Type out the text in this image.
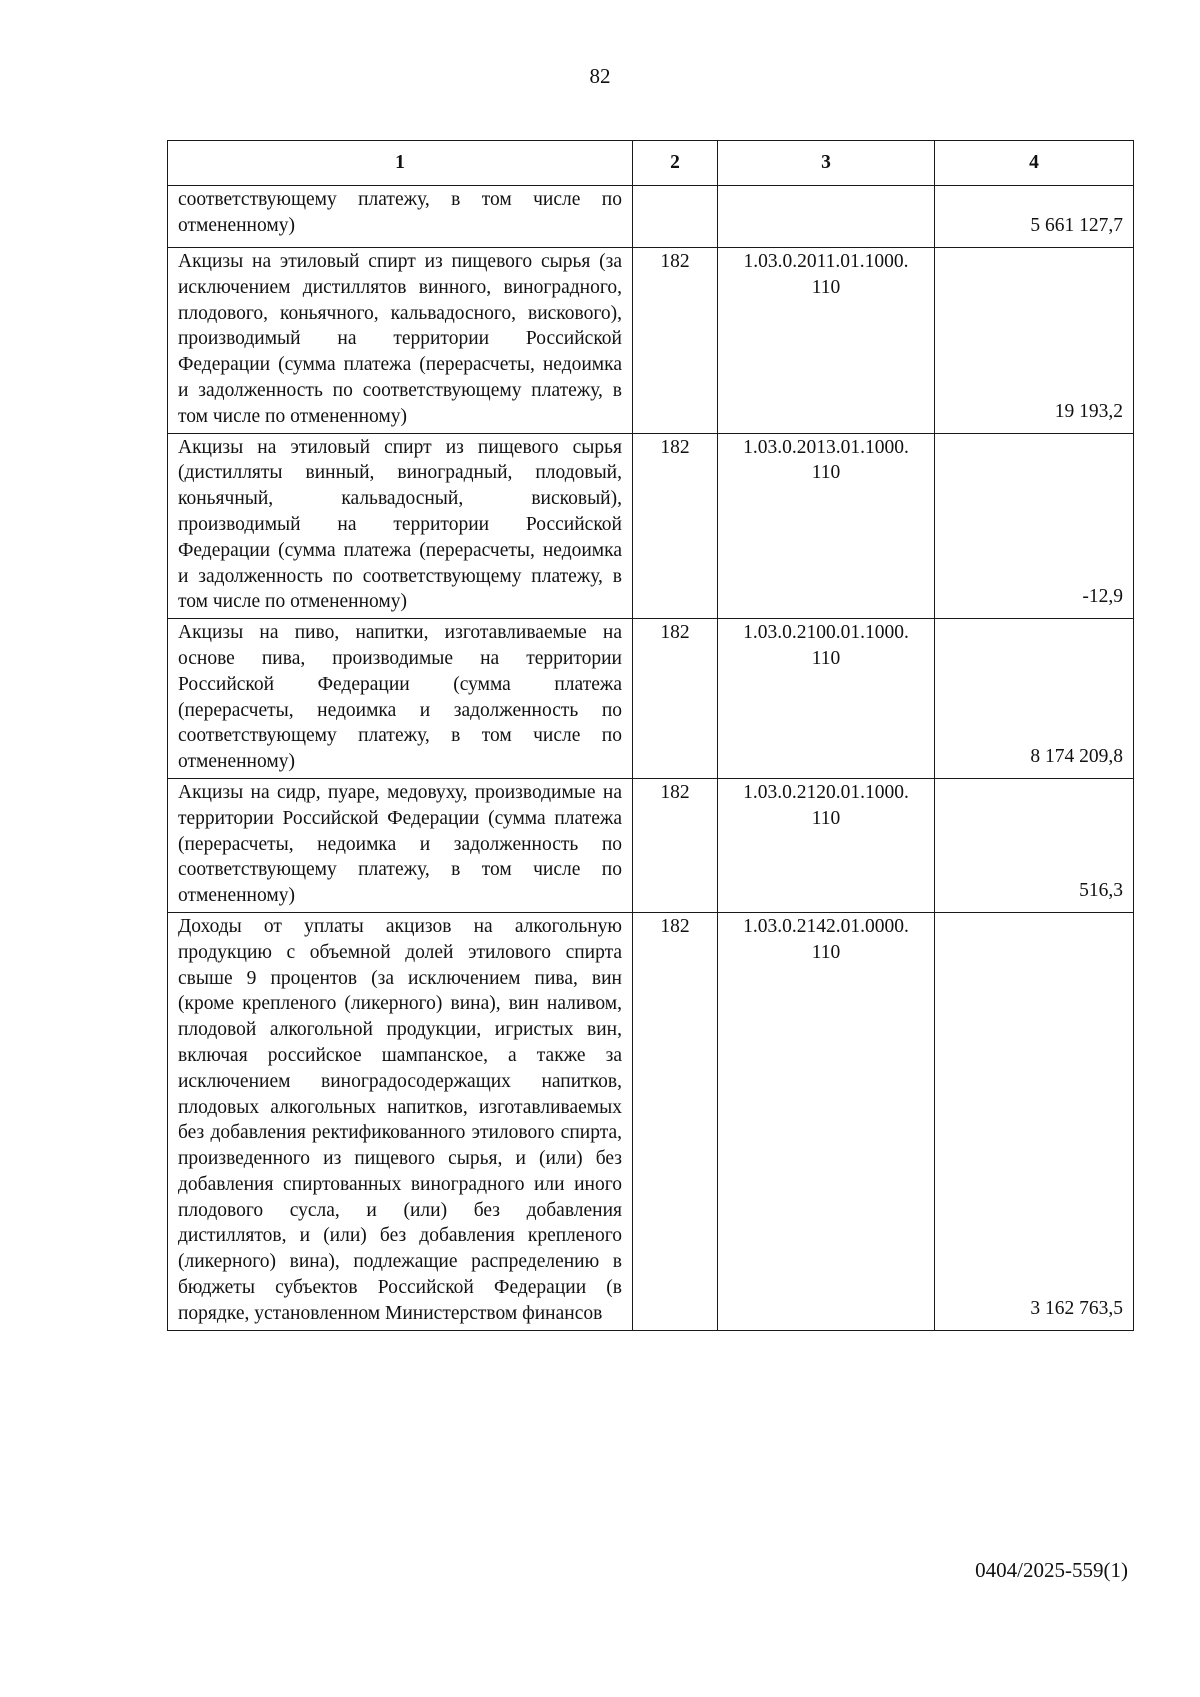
82
1	2	3	4
соответствующему платежу, в том числе по отмененному)			5 661 127,7
Акцизы на этиловый спирт из пищевого сырья (за исключением дистиллятов винного, виноградного, плодового, коньячного, кальвадосного, вискового), производимый на территории Российской Федерации (сумма платежа (перерасчеты, недоимка и задолженность по соответствующему платежу, в том числе по отмененному)	182	1.03.0.2011.01.1000. 110	19 193,2
Акцизы на этиловый спирт из пищевого сырья (дистилляты винный, виноградный, плодовый, коньячный, кальвадосный, висковый), производимый на территории Российской Федерации (сумма платежа (перерасчеты, недоимка и задолженность по соответствующему платежу, в том числе по отмененному)	182	1.03.0.2013.01.1000. 110	-12,9
Акцизы на пиво, напитки, изготавливаемые на основе пива, производимые на территории Российской Федерации (сумма платежа (перерасчеты, недоимка и задолженность по соответствующему платежу, в том числе по отмененному)	182	1.03.0.2100.01.1000. 110	8 174 209,8
Акцизы на сидр, пуаре, медовуху, производимые на территории Российской Федерации (сумма платежа (перерасчеты, недоимка и задолженность по соответствующему платежу, в том числе по отмененному)	182	1.03.0.2120.01.1000. 110	516,3
Доходы от уплаты акцизов на алкогольную продукцию с объемной долей этилового спирта свыше 9 процентов (за исключением пива, вин (кроме крепленого (ликерного) вина), вин наливом, плодовой алкогольной продукции, игристых вин, включая российское шампанское, а также за исключением виноградосодержащих напитков, плодовых алкогольных напитков, изготавливаемых без добавления ректификованного этилового спирта, произведенного из пищевого сырья, и (или) без добавления спиртованных виноградного или иного плодового сусла, и (или) без добавления дистиллятов, и (или) без добавления крепленого (ликерного) вина), подлежащие распределению в бюджеты субъектов Российской Федерации (в порядке, установленном Министерством финансов	182	1.03.0.2142.01.0000. 110	3 162 763,5
0404/2025-559(1)
